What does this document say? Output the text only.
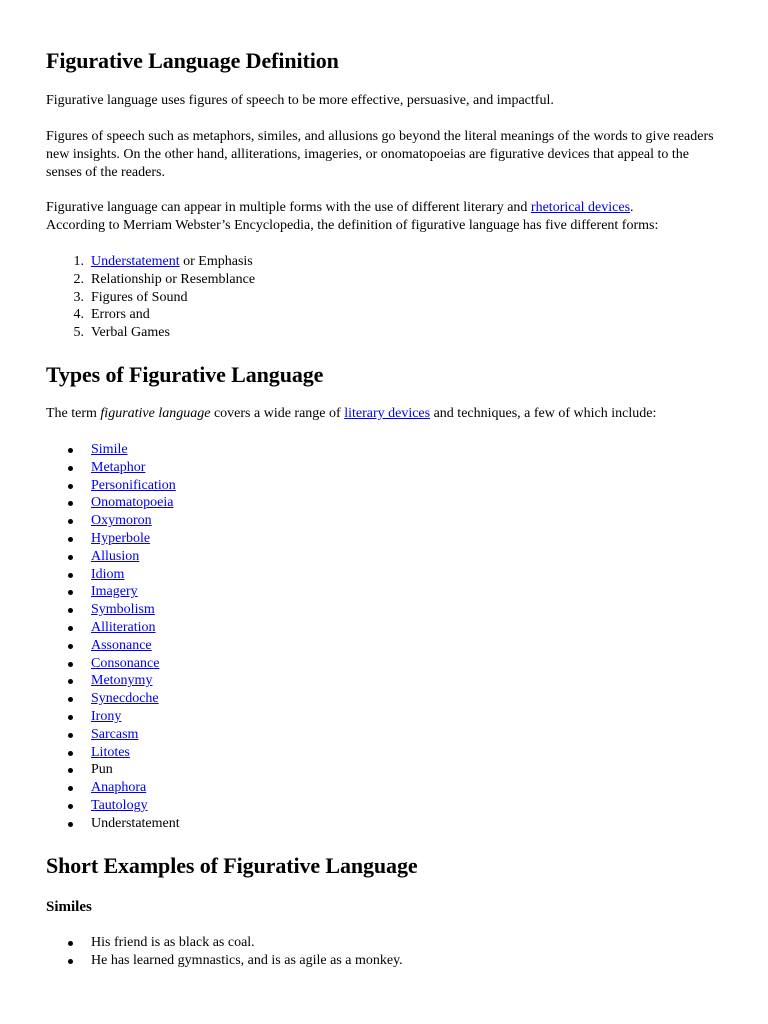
Figurative Language Definition

Figurative language uses figures of speech to be more effective, persuasive, and impactful.

Figures of speech such as metaphors, similes, and allusions go beyond the literal meanings of the words to give readers new insights. On the other hand, alliterations, imageries, or onomatopoeias are figurative devices that appeal to the senses of the readers.

Figurative language can appear in multiple forms with the use of different literary and rhetorical devices.
According to Merriam Webster’s Encyclopedia, the definition of figurative language has five different forms:

1. Understatement or Emphasis
2. Relationship or Resemblance
3. Figures of Sound
4. Errors and
5. Verbal Games
Types of Figurative Language

The term figurative language covers a wide range of literary devices and techniques, a few of which include:

Simile
Metaphor
Personification
Onomatopoeia
Oxymoron
Hyperbole
Allusion
Idiom
Imagery
Symbolism
Alliteration
Assonance
Consonance
Metonymy
Synecdoche
Irony
Sarcasm
Litotes
Pun
Anaphora
Tautology
Understatement
Short Examples of Figurative Language
Similes
His friend is as black as coal.
He has learned gymnastics, and is as agile as a monkey.
